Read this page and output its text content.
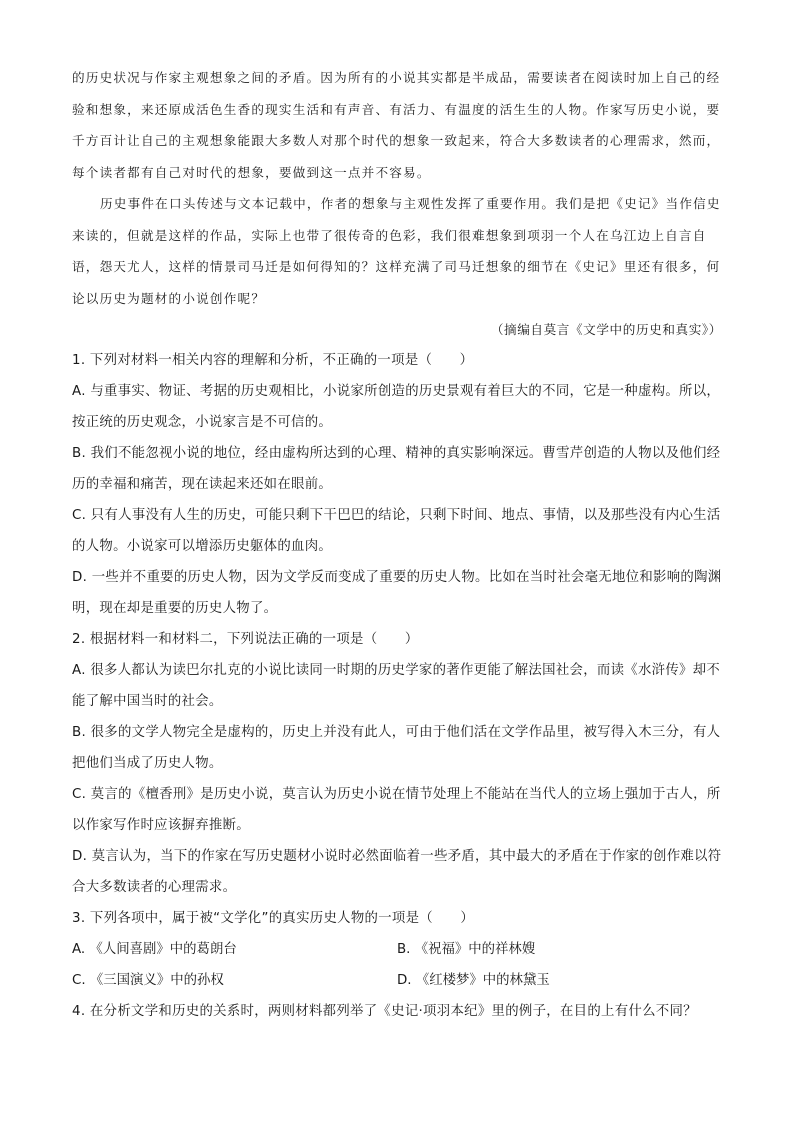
的历史状况与作家主观想象之间的矛盾。因为所有的小说其实都是半成品，需要读者在阅读时加上自己的经验和想象，来还原成活色生香的现实生活和有声音、有活力、有温度的活生生的人物。作家写历史小说，要千方百计让自己的主观想象能跟大多数人对那个时代的想象一致起来，符合大多数读者的心理需求，然而，每个读者都有自己对时代的想象，要做到这一点并不容易。

历史事件在口头传述与文本记载中，作者的想象与主观性发挥了重要作用。我们是把《史记》当作信史来读的，但就是这样的作品，实际上也带了很传奇的色彩，我们很难想象到项羽一个人在乌江边上自言自语，怨天尤人，这样的情景司马迁是如何得知的？这样充满了司马迁想象的细节在《史记》里还有很多，何论以历史为题材的小说创作呢？

（摘编自莫言《文学中的历史和真实》）

1. 下列对材料一相关内容的理解和分析，不正确的一项是（　　）

A. 与重事实、物证、考据的历史观相比，小说家所创造的历史景观有着巨大的不同，它是一种虚构。所以，按正统的历史观念，小说家言是不可信的。

B. 我们不能忽视小说的地位，经由虚构所达到的心理、精神的真实影响深远。曹雪芹创造的人物以及他们经历的幸福和痛苦，现在读起来还如在眼前。

C. 只有人事没有人生的历史，可能只剩下干巴巴的结论，只剩下时间、地点、事情，以及那些没有内心生活的人物。小说家可以增添历史躯体的血肉。

D. 一些并不重要的历史人物，因为文学反而变成了重要的历史人物。比如在当时社会毫无地位和影响的陶渊明，现在却是重要的历史人物了。

2. 根据材料一和材料二，下列说法正确的一项是（　　）

A. 很多人都认为读巴尔扎克的小说比读同一时期的历史学家的著作更能了解法国社会，而读《水浒传》却不能了解中国当时的社会。

B. 很多的文学人物完全是虚构的，历史上并没有此人，可由于他们活在文学作品里，被写得入木三分，有人把他们当成了历史人物。

C. 莫言的《檀香刑》是历史小说，莫言认为历史小说在情节处理上不能站在当代人的立场上强加于古人，所以作家写作时应该摒弃推断。

D. 莫言认为，当下的作家在写历史题材小说时必然面临着一些矛盾，其中最大的矛盾在于作家的创作难以符合大多数读者的心理需求。

3. 下列各项中，属于被“文学化”的真实历史人物的一项是（　　）

A. 《人间喜剧》中的葛朗台	B. 《祝福》中的祥林嫂
C. 《三国演义》中的孙权	D. 《红楼梦》中的林黛玉

4. 在分析文学和历史的关系时，两则材料都列举了《史记·项羽本纪》里的例子，在目的上有什么不同？
